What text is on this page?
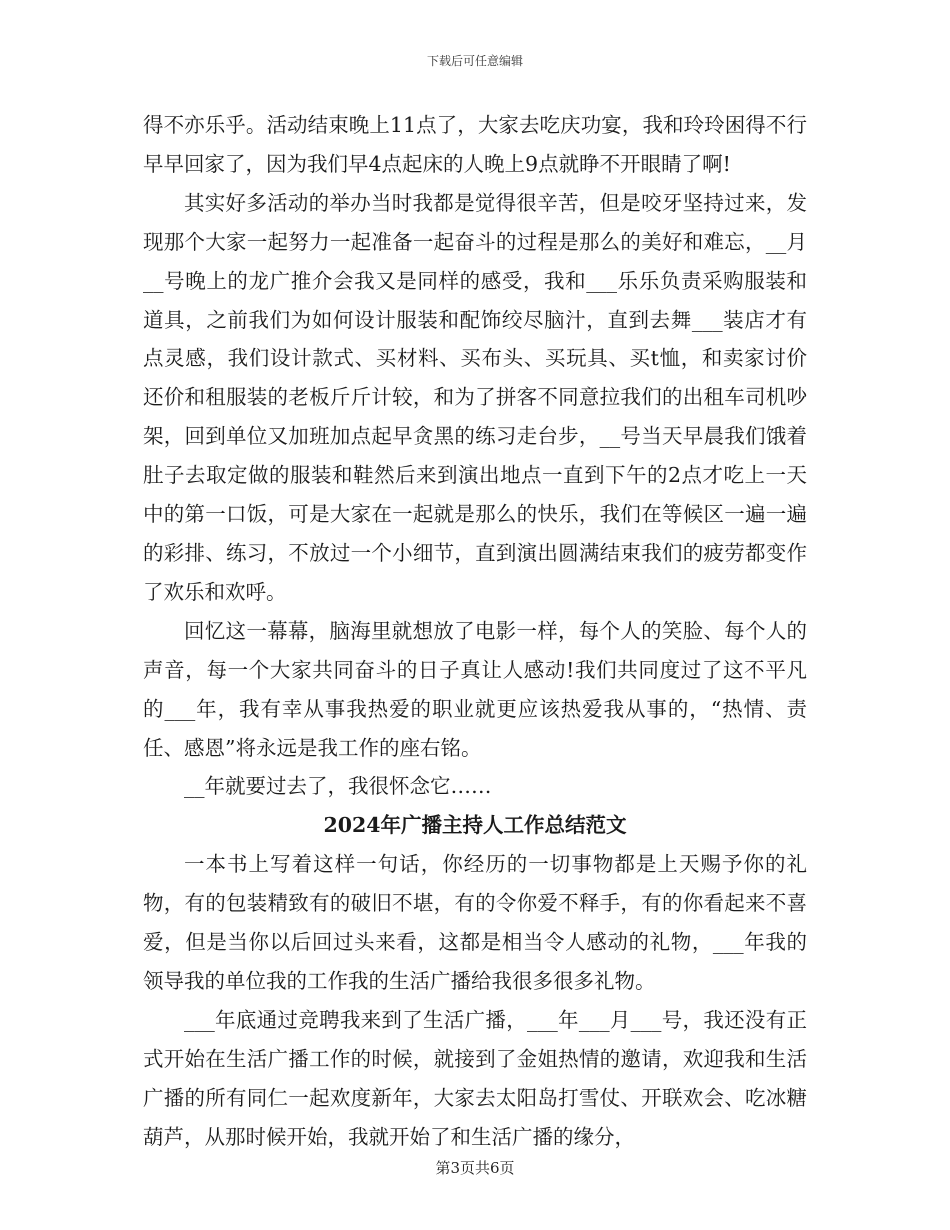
下载后可任意编辑

得不亦乐乎。活动结束晚上11点了，大家去吃庆功宴，我和玲玲困得不行早早回家了，因为我们早4点起床的人晚上9点就睁不开眼睛了啊!

其实好多活动的举办当时我都是觉得很辛苦，但是咬牙坚持过来，发现那个大家一起努力一起准备一起奋斗的过程是那么的美好和难忘，__月__号晚上的龙广推介会我又是同样的感受，我和___乐乐负责采购服装和道具，之前我们为如何设计服装和配饰绞尽脑汁，直到去舞___装店才有点灵感，我们设计款式、买材料、买布头、买玩具、买t恤，和卖家讨价还价和租服装的老板斤斤计较，和为了拼客不同意拉我们的出租车司机吵架，回到单位又加班加点起早贪黑的练习走台步，__号当天早晨我们饿着肚子去取定做的服装和鞋然后来到演出地点一直到下午的2点才吃上一天中的第一口饭，可是大家在一起就是那么的快乐，我们在等候区一遍一遍的彩排、练习，不放过一个小细节，直到演出圆满结束我们的疲劳都变作了欢乐和欢呼。

回忆这一幕幕，脑海里就想放了电影一样，每个人的笑脸、每个人的声音，每一个大家共同奋斗的日子真让人感动!我们共同度过了这不平凡的___年，我有幸从事我热爱的职业就更应该热爱我从事的，“热情、责任、感恩”将永远是我工作的座右铭。

__年就要过去了，我很怀念它……

2024年广播主持人工作总结范文

一本书上写着这样一句话，你经历的一切事物都是上天赐予你的礼物，有的包装精致有的破旧不堪，有的令你爱不释手，有的你看起来不喜爱，但是当你以后回过头来看，这都是相当令人感动的礼物，___年我的领导我的单位我的工作我的生活广播给我很多很多礼物。

___年底通过竞聘我来到了生活广播，___年___月___号，我还没有正式开始在生活广播工作的时候，就接到了金姐热情的邀请，欢迎我和生活广播的所有同仁一起欢度新年，大家去太阳岛打雪仗、开联欢会、吃冰糖葫芦，从那时候开始，我就开始了和生活广播的缘分，

第3页共6页
